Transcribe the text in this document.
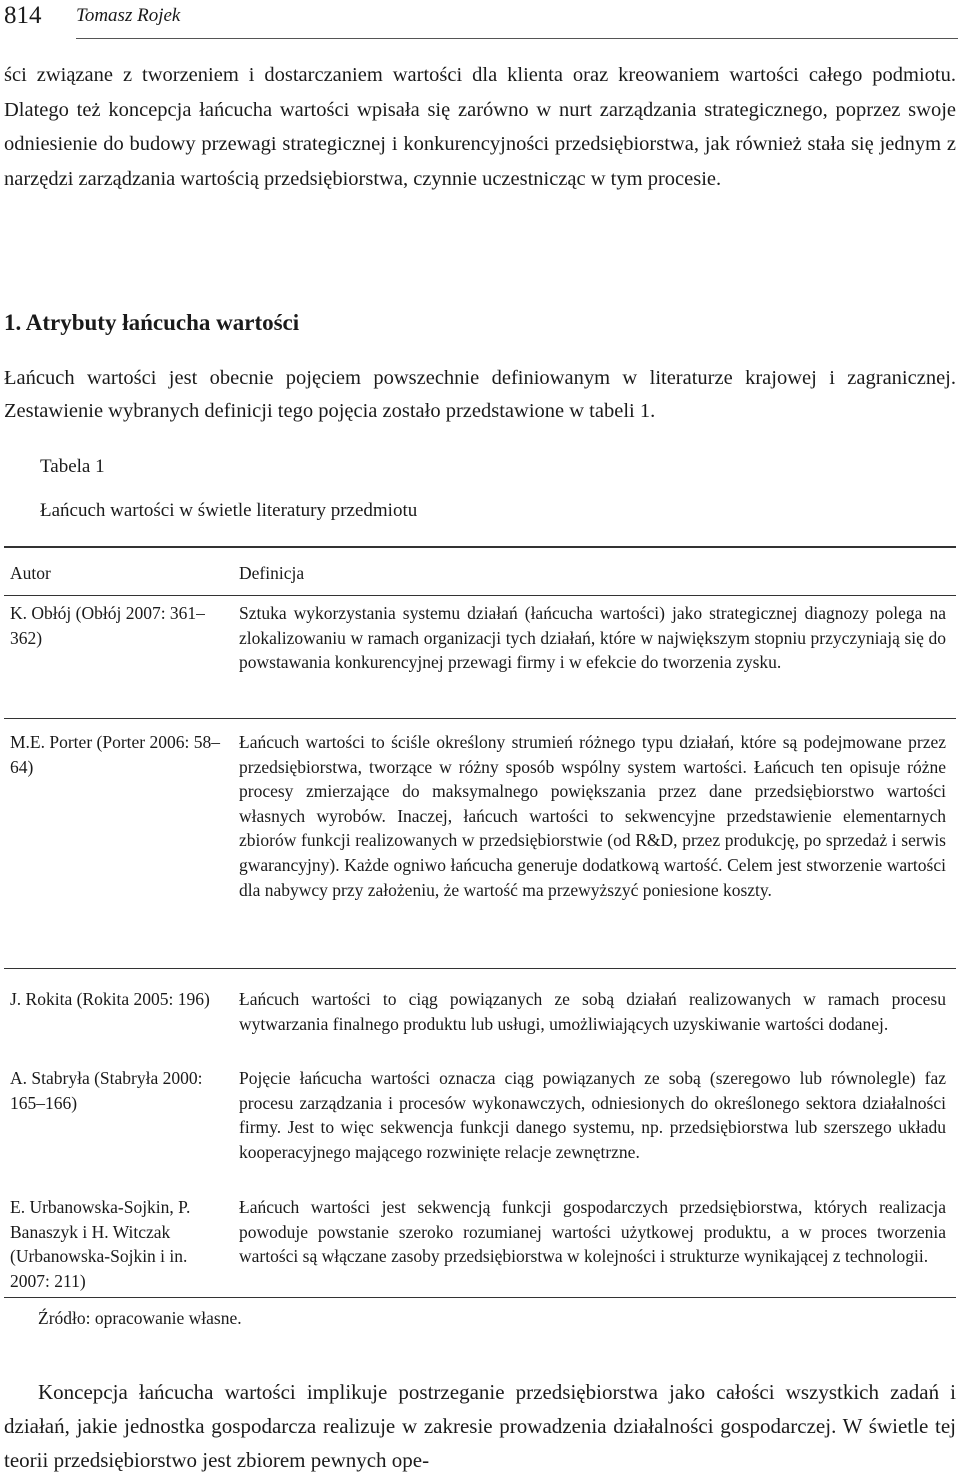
814 Tomasz Rojek

ści związane z tworzeniem i dostarczaniem wartości dla klienta oraz kreowaniem wartości całego podmiotu. Dlatego też koncepcja łańcucha wartości wpisała się zarówno w nurt zarządzania strategicznego, poprzez swoje odniesienie do budowy przewagi strategicznej i konkurencyjności przedsiębiorstwa, jak również stała się jednym z narzędzi zarządzania wartością przedsiębiorstwa, czynnie uczestnicząc w tym procesie.

1. Atrybuty łańcucha wartości

Łańcuch wartości jest obecnie pojęciem powszechnie definiowanym w literaturze krajowej i zagranicznej. Zestawienie wybranych definicji tego pojęcia zostało przedstawione w tabeli 1.

Tabela 1
Łańcuch wartości w świetle literatury przedmiotu
Autor	Definicja
K. Obłój (Obłój 2007: 361–362)
Sztuka wykorzystania systemu działań (łańcucha wartości) jako strategicznej diagnozy polega na zlokalizowaniu w ramach organizacji tych działań, które w największym stopniu przyczyniają się do powstawania konkurencyjnej przewagi firmy i w efekcie do tworzenia zysku.
M.E. Porter (Porter 2006: 58–64)
Łańcuch wartości to ściśle określony strumień różnego typu działań, które są podejmowane przez przedsiębiorstwa, tworzące w różny sposób wspólny system wartości. Łańcuch ten opisuje różne procesy zmierzające do maksymalnego powiększania przez dane przedsiębiorstwo wartości własnych wyrobów. Inaczej, łańcuch wartości to sekwencyjne przedstawienie elementarnych zbiorów funkcji realizowanych w przedsiębiorstwie (od R&D, przez produkcję, po sprzedaż i serwis gwarancyjny). Każde ogniwo łańcucha generuje dodatkową wartość. Celem jest stworzenie wartości dla nabywcy przy założeniu, że wartość ma przewyższyć poniesione koszty.
J. Rokita (Rokita 2005: 196)	Łańcuch wartości to ciąg powiązanych ze sobą działań realizowanych w ramach procesu wytwarzania finalnego produktu lub usługi, umożliwiających uzyskiwanie wartości dodanej.
A. Stabryła (Stabryła 2000: 165–166)
Pojęcie łańcucha wartości oznacza ciąg powiązanych ze sobą (szeregowo lub równolegle) faz procesu zarządzania i procesów wykonawczych, odniesionych do określonego sektora działalności firmy. Jest to więc sekwencja funkcji danego systemu, np. przedsiębiorstwa lub szerszego układu kooperacyjnego mającego rozwinięte relacje zewnętrzne.
E. Urbanowska-Sojkin, P. Banaszyk i H. Witczak (Urbanowska-Sojkin i in. 2007: 211)
Łańcuch wartości jest sekwencją funkcji gospodarczych przedsiębiorstwa, których realizacja powoduje powstanie szeroko rozumianej wartości użytkowej produktu, a w proces tworzenia wartości są włączane zasoby przedsiębiorstwa w kolejności i strukturze wynikającej z technologii.
Źródło: opracowanie własne.

Koncepcja łańcucha wartości implikuje postrzeganie przedsiębiorstwa jako całości wszystkich zadań i działań, jakie jednostka gospodarcza realizuje w zakresie prowadzenia działalności gospodarczej. W świetle tej teorii przedsiębiorstwo jest zbiorem pewnych ope-
